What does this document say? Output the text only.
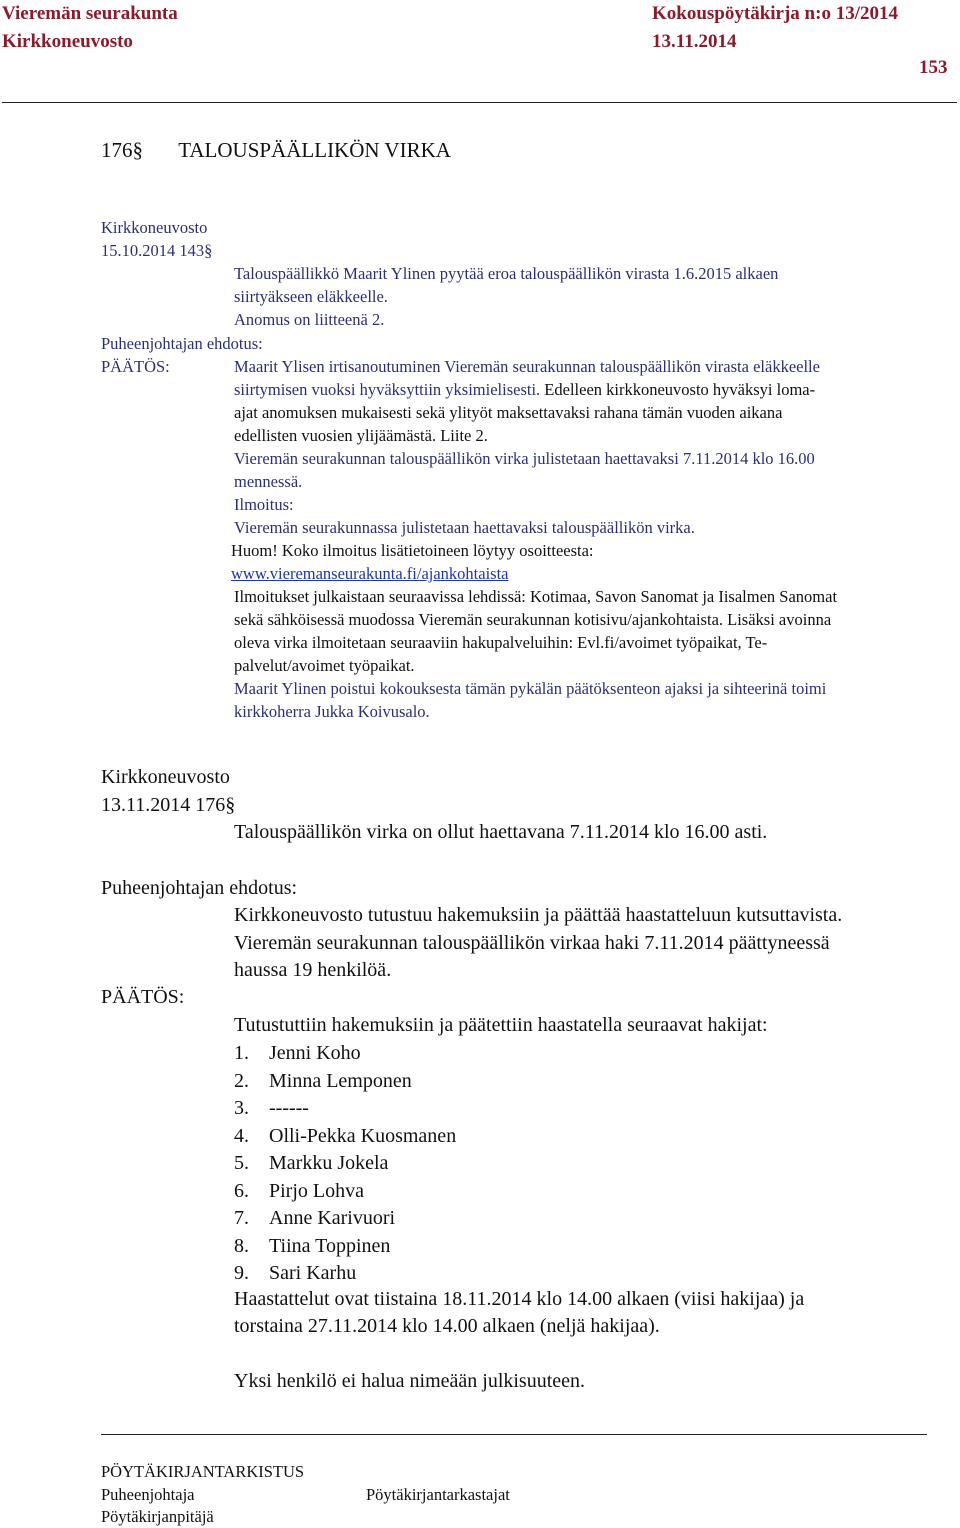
Vieremän seurakunta	Kokouspöytäkirja n:o 13/2014
Kirkkoneuvosto	13.11.2014
153
176§ TALOUSPÄÄLLIKÖN VIRKA
Kirkkoneuvosto
15.10.2014 143§
Talouspäällikkö Maarit Ylinen pyytää eroa talouspäällikön virasta 1.6.2015 alkaen
siirtyäkseen eläkkeelle.
Anomus on liitteenä 2.
Puheenjohtajan ehdotus:
PÄÄTÖS:	Maarit Ylisen irtisanoutuminen Vieremän seurakunnan talouspäällikön virasta eläkkeelle
siirtymisen vuoksi hyväksyttiin yksimielisesti. Edelleen kirkkoneuvosto hyväksyi loma-
ajat anomuksen mukaisesti sekä ylityöt maksettavaksi rahana tämän vuoden aikana
edellisten vuosien ylijäämästä. Liite 2.
Vieremän seurakunnan talouspäällikön virka julistetaan haettavaksi 7.11.2014 klo 16.00
mennessä.
Ilmoitus:
Vieremän seurakunnassa julistetaan haettavaksi talouspäällikön virka.
Huom! Koko ilmoitus lisätietoineen löytyy osoitteesta:
www.vieremanseurakunta.fi/ajankohtaista
Ilmoitukset julkaistaan seuraavissa lehdissä: Kotimaa, Savon Sanomat ja Iisalmen Sanomat
sekä sähköisessä muodossa Vieremän seurakunnan kotisivu/ajankohtaista. Lisäksi avoinna
oleva virka ilmoitetaan seuraaviin hakupalveluihin: Evl.fi/avoimet työpaikat, Te-
palvelut/avoimet työpaikat.
Maarit Ylinen poistui kokouksesta tämän pykälän päätöksenteon ajaksi ja sihteerinä toimi
kirkkoherra Jukka Koivusalo.
Kirkkoneuvosto
13.11.2014 176§
Talouspäällikön virka on ollut haettavana 7.11.2014 klo 16.00 asti.
Puheenjohtajan ehdotus:
Kirkkoneuvosto tutustuu hakemuksiin ja päättää haastatteluun kutsuttavista.
Vieremän seurakunnan talouspäällikön virkaa haki 7.11.2014 päättyneessä
haussa 19 henkilöä.
PÄÄTÖS:
Tutustuttiin hakemuksiin ja päätettiin haastatella seuraavat hakijat:
1. Jenni Koho
2. Minna Lemponen
3. ------
4. Olli-Pekka Kuosmanen
5. Markku Jokela
6. Pirjo Lohva
7. Anne Karivuori
8. Tiina Toppinen
9. Sari Karhu
Haastattelut ovat tiistaina 18.11.2014 klo 14.00 alkaen (viisi hakijaa) ja
torstaina 27.11.2014 klo 14.00 alkaen (neljä hakijaa).
Yksi henkilö ei halua nimeään julkisuuteen.
PÖYTÄKIRJANTARKISTUS
Puheenjohtaja	Pöytäkirjantarkastajat
Pöytäkirjanpitäjä
